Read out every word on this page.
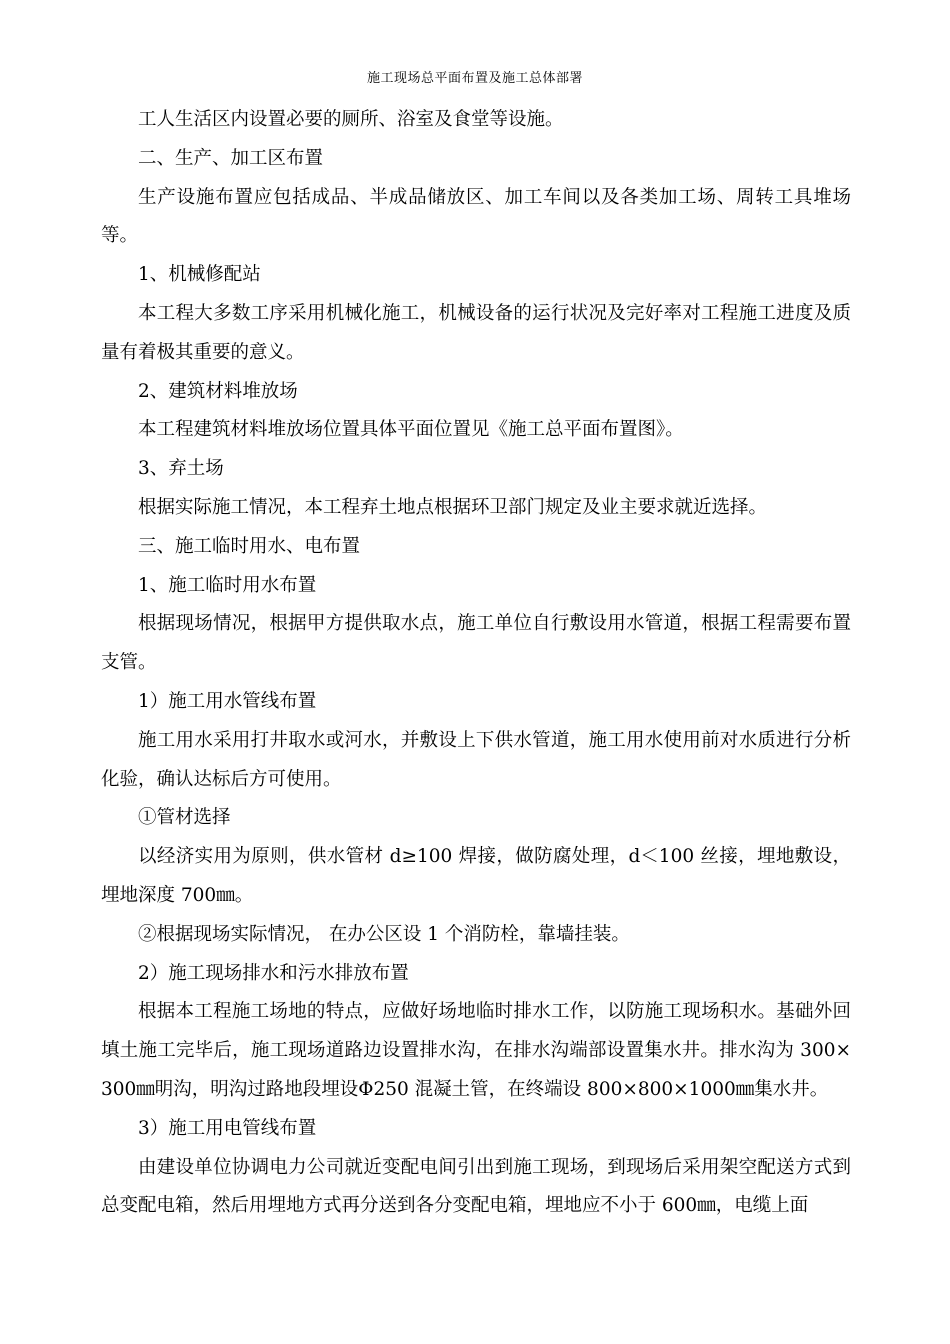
施工现场总平面布置及施工总体部署

工人生活区内设置必要的厕所、浴室及食堂等设施。

二、生产、加工区布置

生产设施布置应包括成品、半成品储放区、加工车间以及各类加工场、周转工具堆场等。

1、机械修配站

本工程大多数工序采用机械化施工，机械设备的运行状况及完好率对工程施工进度及质量有着极其重要的意义。

2、建筑材料堆放场

本工程建筑材料堆放场位置具体平面位置见《施工总平面布置图》。

3、弃土场

根据实际施工情况，本工程弃土地点根据环卫部门规定及业主要求就近选择。

三、施工临时用水、电布置

1、施工临时用水布置

根据现场情况，根据甲方提供取水点，施工单位自行敷设用水管道，根据工程需要布置支管。

1）施工用水管线布置

施工用水采用打井取水或河水，并敷设上下供水管道，施工用水使用前对水质进行分析化验，确认达标后方可使用。

①管材选择

以经济实用为原则，供水管材 d≥100 焊接，做防腐处理，d＜100 丝接，埋地敷设，埋地深度 700㎜。

②根据现场实际情况， 在办公区设 1 个消防栓，靠墙挂装。

2）施工现场排水和污水排放布置

根据本工程施工场地的特点，应做好场地临时排水工作，以防施工现场积水。基础外回填土施工完毕后，施工现场道路边设置排水沟，在排水沟端部设置集水井。排水沟为 300×300㎜明沟，明沟过路地段埋设Φ250 混凝土管，在终端设 800×800×1000㎜集水井。

3）施工用电管线布置

由建设单位协调电力公司就近变配电间引出到施工现场，到现场后采用架空配送方式到总变配电箱，然后用埋地方式再分送到各分变配电箱，埋地应不小于 600㎜，电缆上面
